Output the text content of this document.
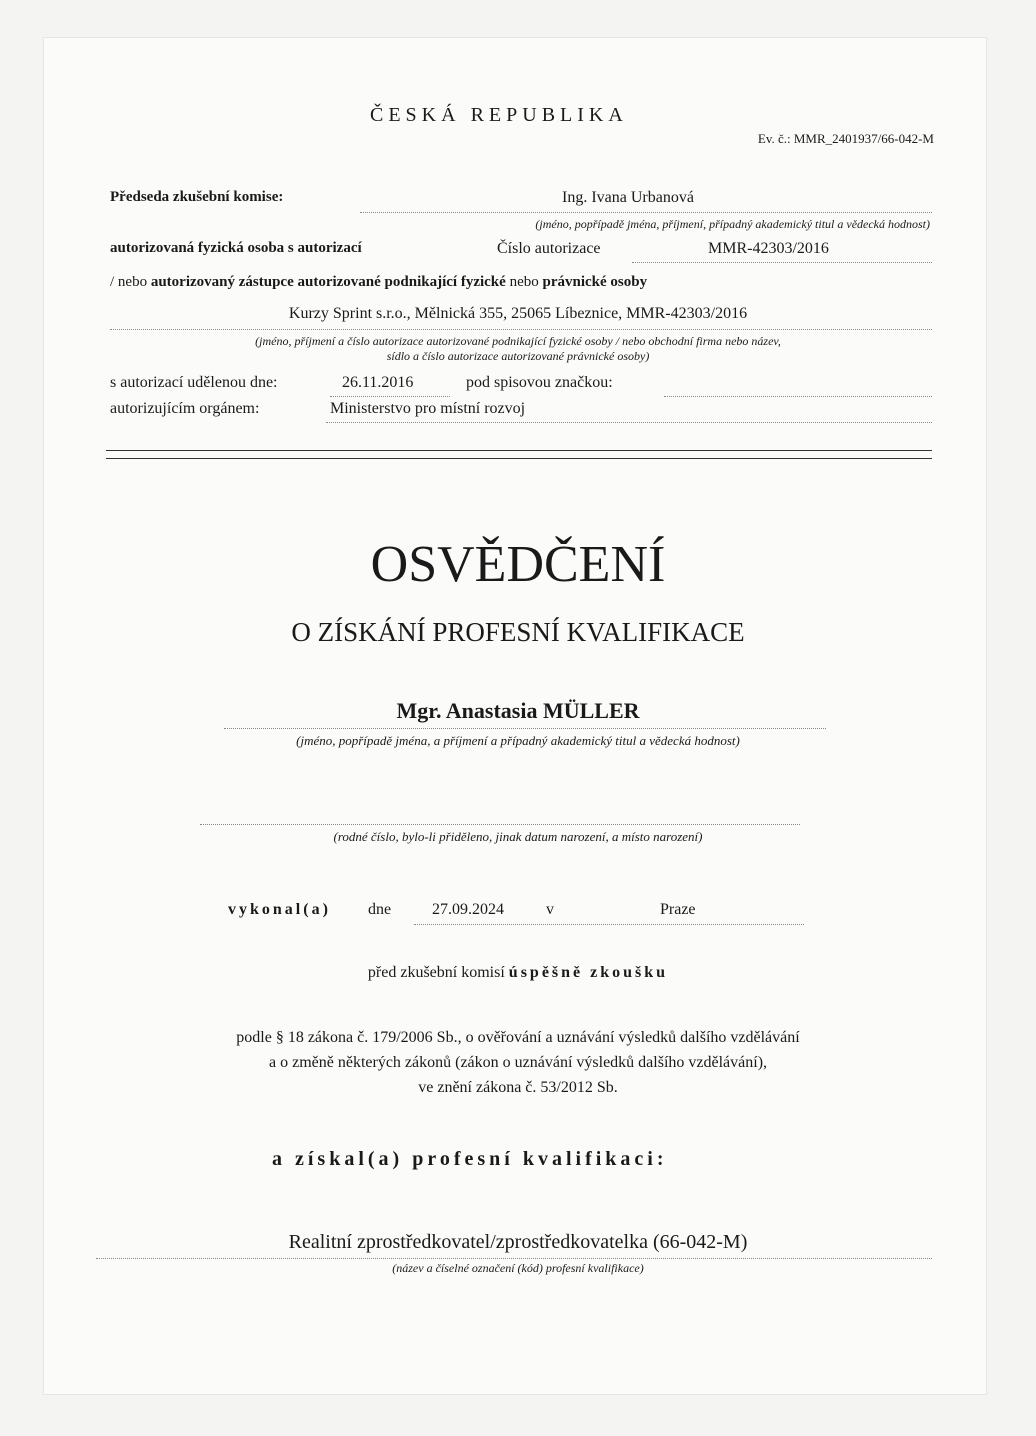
ČESKÁ REPUBLIKA
Ev. č.: MMR_2401937/66-042-M
Předseda zkušební komise:	Ing. Ivana Urbanová
(jméno, popřípadě jména, příjmení, případný akademický titul a vědecká hodnost)
autorizovaná fyzická osoba s autorizací	Číslo autorizace	MMR-42303/2016
/ nebo autorizovaný zástupce autorizované podnikající fyzické nebo právnické osoby
Kurzy Sprint s.r.o., Mělnická 355, 25065 Líbeznice, MMR-42303/2016
(jméno, příjmení a číslo autorizace autorizované podnikající fyzické osoby / nebo obchodní firma nebo název,
sídlo a číslo autorizace autorizované právnické osoby)
s autorizací udělenou dne:	26.11.2016	pod spisovou značkou:
autorizujícím orgánem:	Ministerstvo pro místní rozvoj
OSVĚDČENÍ
O ZÍSKÁNÍ PROFESNÍ KVALIFIKACE
Mgr. Anastasia MÜLLER
(jméno, popřípadě jména, a příjmení a případný akademický titul a vědecká hodnost)
(rodné číslo, bylo-li přiděleno, jinak datum narození, a místo narození)
vykonal(a) dne	27.09.2024	v	Praze
před zkušební komisí úspěšně zkoušku
podle § 18 zákona č. 179/2006 Sb., o ověřování a uznávání výsledků dalšího vzdělávání
a o změně některých zákonů (zákon o uznávání výsledků dalšího vzdělávání),
ve znění zákona č. 53/2012 Sb.
a získal(a) profesní kvalifikaci:
Realitní zprostředkovatel/zprostředkovatelka (66-042-M)
(název a číselné označení (kód) profesní kvalifikace)
